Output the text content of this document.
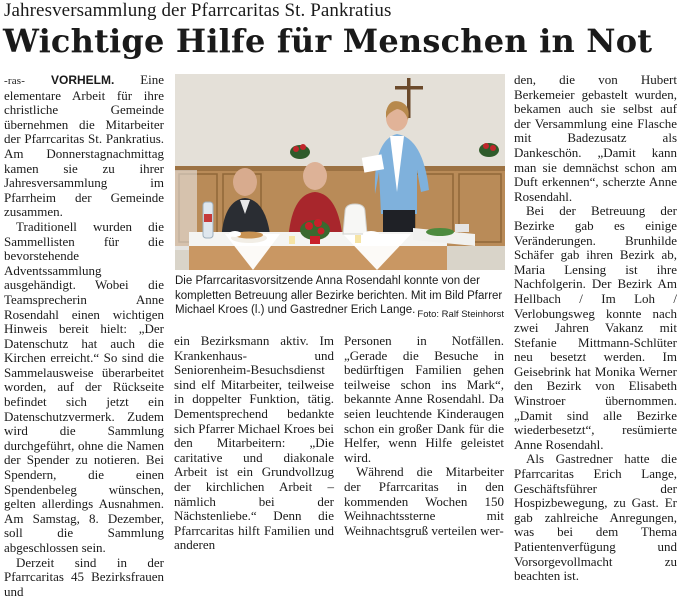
Jahresversammlung der Pfarrcaritas St. Pankratius
Wichtige Hilfe für Menschen in Not

-ras- VORHELM. Eine elementare Arbeit für ihre christliche Gemeinde übernehmen die Mitarbeiter der Pfarrcaritas St. Pankratius. Am Donnerstagnachmittag kamen sie zu ihrer Jahresversammlung im Pfarrheim der Gemeinde zusammen.

Traditionell wurden die Sammellisten für die bevorstehende Adventssammlung ausgehändigt. Wobei die Teamsprecherin Anne Rosendahl einen wichtigen Hinweis bereit hielt: „Der Datenschutz hat auch die Kirchen erreicht.“ So sind die Sammelausweise überarbeitet worden, auf der Rückseite befindet sich jetzt ein Datenschutzvermerk. Zudem wird die Sammlung durchgeführt, ohne die Namen der Spender zu notieren. Bei Spendern, die einen Spendenbeleg wünschen, gelten allerdings Ausnahmen. Am Samstag, 8. Dezember, soll die Sammlung abgeschlossen sein.

Derzeit sind in der Pfarrcaritas 45 Bezirksfrauen und

Die Pfarrcaritasvorsitzende Anna Rosendahl konnte von der kompletten Betreuung aller Bezirke berichten. Mit im Bild Pfarrer Michael Kroes (l.) und Gastredner Erich Lange. Foto: Ralf Steinhorst

ein Bezirksmann aktiv. Im Krankenhaus- und Seniorenheim-Besuchsdienst sind elf Mitarbeiter, teilweise in doppelter Funktion, tätig. Dementsprechend bedankte sich Pfarrer Michael Kroes bei den Mitarbeitern: „Die caritative und diakonale Arbeit ist ein Grundvollzug der kirchlichen Arbeit – nämlich bei der Nächstenliebe.“ Denn die Pfarrcaritas hilft Familien und anderen

Personen in Notfällen. „Gerade die Besuche in bedürftigen Familien gehen teilweise schon ins Mark“, bekannte Anne Rosendahl. Da seien leuchtende Kinderaugen schon ein großer Dank für die Helfer, wenn Hilfe geleistet wird.

Während die Mitarbeiter der Pfarrcaritas in den kommenden Wochen 150 Weihnachtssterne mit Weihnachtsgruß verteilen wer-

den, die von Hubert Berkemeier gebastelt wurden, bekamen auch sie selbst auf der Versammlung eine Flasche mit Badezusatz als Dankeschön. „Damit kann man sie demnächst schon am Duft erkennen“, scherzte Anne Rosendahl.

Bei der Betreuung der Bezirke gab es einige Veränderungen. Brunhilde Schäfer gab ihren Bezirk ab, Maria Lensing ist ihre Nachfolgerin. Der Bezirk Am Hellbach / Im Loh / Verlobungsweg konnte nach zwei Jahren Vakanz mit Stefanie Mittmann-Schlüter neu besetzt werden. Im Geisebrink hat Monika Werner den Bezirk von Elisabeth Winstroer übernommen. „Damit sind alle Bezirke wiederbesetzt“, resümierte Anne Rosendahl.

Als Gastredner hatte die Pfarrcaritas Erich Lange, Geschäftsführer der Hospizbewegung, zu Gast. Er gab zahlreiche Anregungen, was bei dem Thema Patientenverfügung und Vorsorgevollmacht zu beachten ist.
